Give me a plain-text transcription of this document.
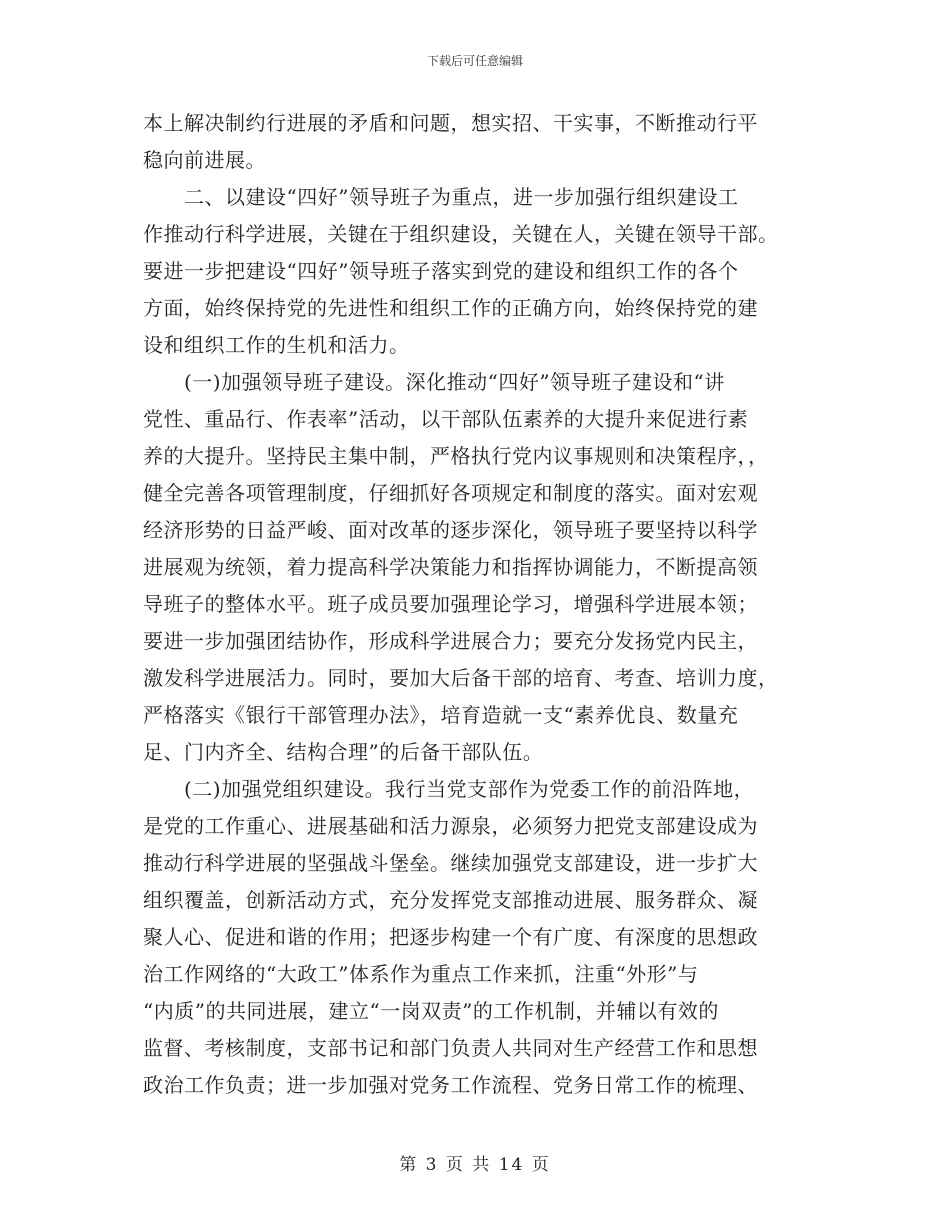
下载后可任意编辑
本上解决制约行进展的矛盾和问题，想实招、干实事，不断推动行平
稳向前进展。
　　二、以建设“四好”领导班子为重点，进一步加强行组织建设工
作推动行科学进展，关键在于组织建设，关键在人，关键在领导干部。
要进一步把建设“四好”领导班子落实到党的建设和组织工作的各个
方面，始终保持党的先进性和组织工作的正确方向，始终保持党的建
设和组织工作的生机和活力。
　　(一)加强领导班子建设。深化推动“四好”领导班子建设和“讲
党性、重品行、作表率”活动，以干部队伍素养的大提升来促进行素
养的大提升。坚持民主集中制，严格执行党内议事规则和决策程序，，
健全完善各项管理制度，仔细抓好各项规定和制度的落实。面对宏观
经济形势的日益严峻、面对改革的逐步深化，领导班子要坚持以科学
进展观为统领，着力提高科学决策能力和指挥协调能力，不断提高领
导班子的整体水平。班子成员要加强理论学习，增强科学进展本领；
要进一步加强团结协作，形成科学进展合力；要充分发扬党内民主，
激发科学进展活力。同时，要加大后备干部的培育、考查、培训力度，
严格落实《银行干部管理办法》，培育造就一支“素养优良、数量充
足、门内齐全、结构合理”的后备干部队伍。
　　(二)加强党组织建设。我行当党支部作为党委工作的前沿阵地，
是党的工作重心、进展基础和活力源泉，必须努力把党支部建设成为
推动行科学进展的坚强战斗堡垒。继续加强党支部建设，进一步扩大
组织覆盖，创新活动方式，充分发挥党支部推动进展、服务群众、凝
聚人心、促进和谐的作用；把逐步构建一个有广度、有深度的思想政
治工作网络的“大政工”体系作为重点工作来抓，注重“外形”与
“内质”的共同进展，建立“一岗双责”的工作机制，并辅以有效的
监督、考核制度，支部书记和部门负责人共同对生产经营工作和思想
政治工作负责；进一步加强对党务工作流程、党务日常工作的梳理、
第 3 页 共 14 页
